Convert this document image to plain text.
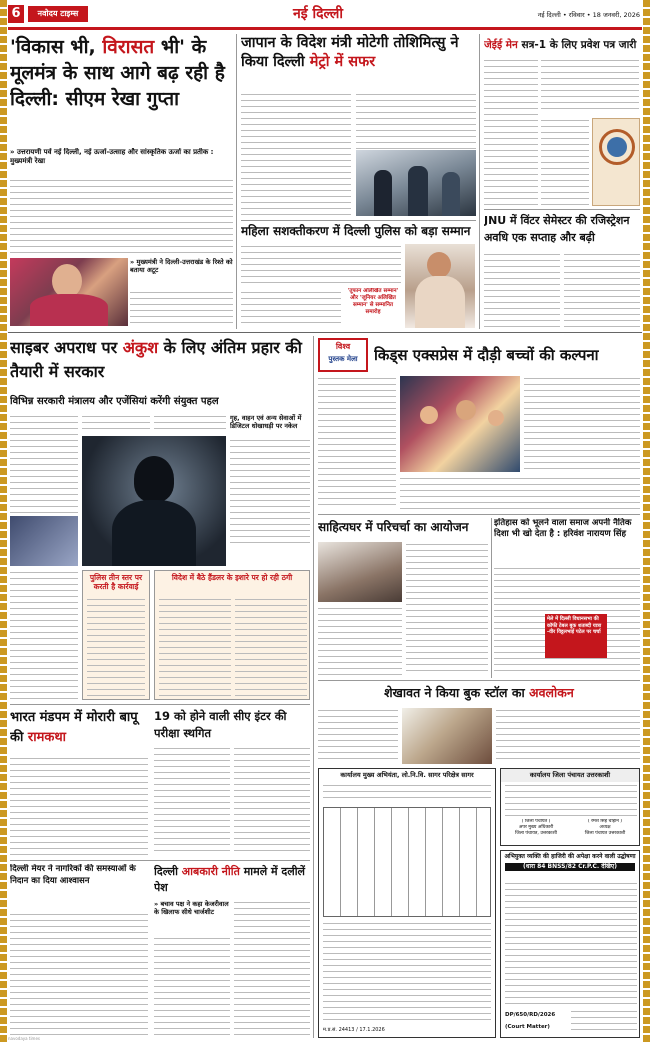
6	नवोदय टाइम्स	नई दिल्ली	नई दिल्ली • रविवार • 18 जनवरी, 2026
'विकास भी, विरासत भी' के मूलमंत्र के साथ आगे बढ़ रही है दिल्ली: सीएम रेखा गुप्ता
» उत्तरायणी पर्व नई दिल्ली, नई ऊर्जा-उत्साह और सांस्कृतिक ऊर्जा का प्रतीक : मुख्यमंत्री रेखा
» मुख्यमंत्री ने दिल्ली-उत्तराखंड के रिश्ते को बताया अटूट
जापान के विदेश मंत्री मोटेगी तोशिमित्सु ने किया दिल्ली मेट्रो में सफर
महिला सशक्तीकरण में दिल्ली पुलिस को बड़ा सम्मान
'तूफान अलिखित सम्मान' और 'जूनियर अलिखित सम्मान' से सम्मानित समारोह
जेईई मेन सत्र-1 के लिए प्रवेश पत्र जारी
JNU में विंटर सेमेस्टर की रजिस्ट्रेशन अवधि एक सप्ताह और बढ़ी
साइबर अपराध पर अंकुश के लिए अंतिम प्रहार की तैयारी में सरकार
विभिन्न सरकारी मंत्रालय और एजेंसियां करेंगी संयुक्त पहल
गृह, वाहन एवं अन्य सेवाओं में डिजिटल धोखाधड़ी पर नकेल
पुलिस तीन स्तर पर करती है कार्रवाई
विदेश में बैठे हैंडलर के इशारे पर हो रही ठगी
भारत मंडपम में मोरारी बापू की रामकथा
19 को होने वाली सीए इंटर की परीक्षा स्थगित
दिल्ली मेयर ने नागरिकों की समस्याओं के निदान का दिया आश्वासन
दिल्ली आबकारी नीति मामले में दलीलें पेश
» बचाव पक्ष ने कहा केजरीवाल के खिलाफ सीधे चार्जशीट
विश्व
पुस्तक मेला	किड्स एक्सप्रेस में दौड़ी बच्चों की कल्पना
साहित्यघर में परिचर्चा का आयोजन	इतिहास को भूलने वाला समाज अपनी नैतिक दिशा भी खो देता है : हरिवंश नारायण सिंह
मेले में दिल्ली विधानसभा की कॉफी टेबल बुक शताब्दी यात्रा -वीर विट्ठलभाई पटेल पर चर्चा
शेखावत ने किया बुक स्टॉल का अवलोकन
कार्यालय मुख्य अभियंता, लो.नि.वि. सागर परिक्षेत्र सागर
म.प्र.सं. 24413 / 17.1.2026
कार्यालय जिला पंचायत उत्तरकाशी
( जिला पंचायत )
अपर मुख्य अधिकारी
जिला पंचायत, उत्तरकाशी
( रमेश सिंह चौहान )
अध्यक्ष
जिला पंचायत उत्तरकाशी
अभियुक्त व्यक्ति की हाजिरी की अपेक्षा करने वाली उद्घोषणा
(धारा 84 BNSS/82 Cr.P.C. देखिए)
DP/650/RD/2026
(Court Matter)
navodaya times
